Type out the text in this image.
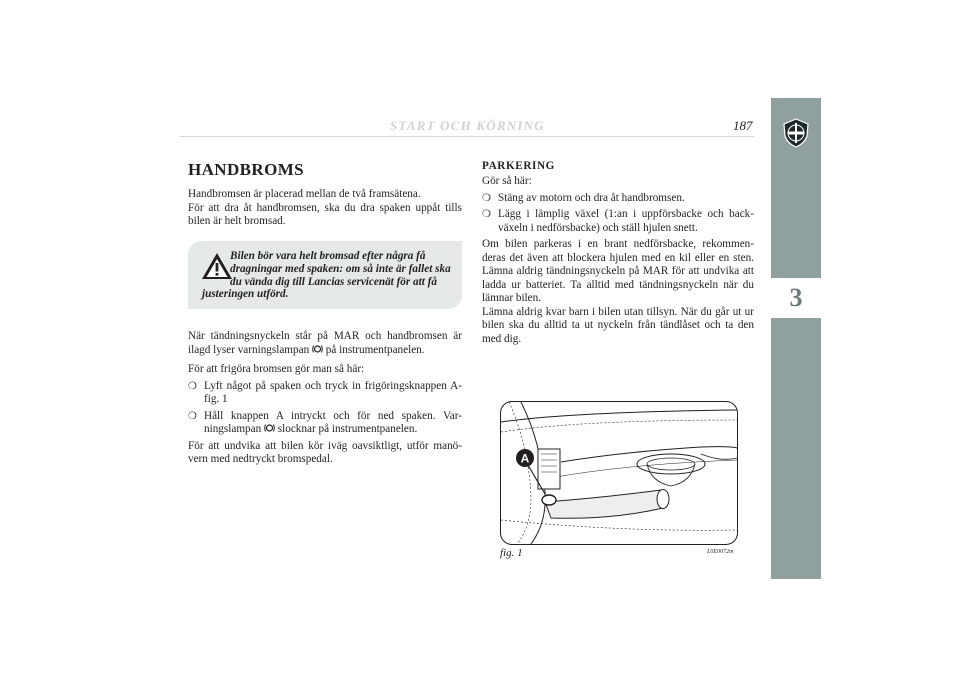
START OCH KÖRNING	187
3
HANDBROMS

Handbromsen är placerad mellan de två framsätena.

För att dra åt handbromsen, ska du dra spaken uppåt tills bilen är helt bromsad.

Bilen bör vara helt bromsad efter några få dragningar med spaken: om så inte är fallet ska du vända dig till Lancias servicenät för att få justeringen utförd.

När tändningsnyckeln står på MAR och handbromsen är ilagd lyser varningslampan på instrumentpanelen.

För att frigöra bromsen gör man så här:

❍ Lyft något på spaken och tryck in frigöringsknappen A-fig. 1
❍ Håll knappen A intryckt och för ned spaken. Var- ningslampan slocknar på instrumentpanelen.

För att undvika att bilen kör iväg oavsiktligt, utför manö- vern med nedtryckt bromspedal.

PARKERING

Gör så här:

❍ Stäng av motorn och dra åt handbromsen.
❍ Lägg i lämplig växel (1:an i uppförsbacke och back- växeln i nedförsbacke) och ställ hjulen snett.

Om bilen parkeras i en brant nedförsbacke, rekommen- deras det även att blockera hjulen med en kil eller en sten. Lämna aldrig tändningsnyckeln på MAR för att undvika att ladda ur batteriet. Ta alltid med tändningsnyckeln när du lämnar bilen.

Lämna aldrig kvar barn i bilen utan tillsyn. När du går ut ur bilen ska du alltid ta ut nyckeln från tändlåset och ta den med dig.

A
fig. 1	L0E0072m
